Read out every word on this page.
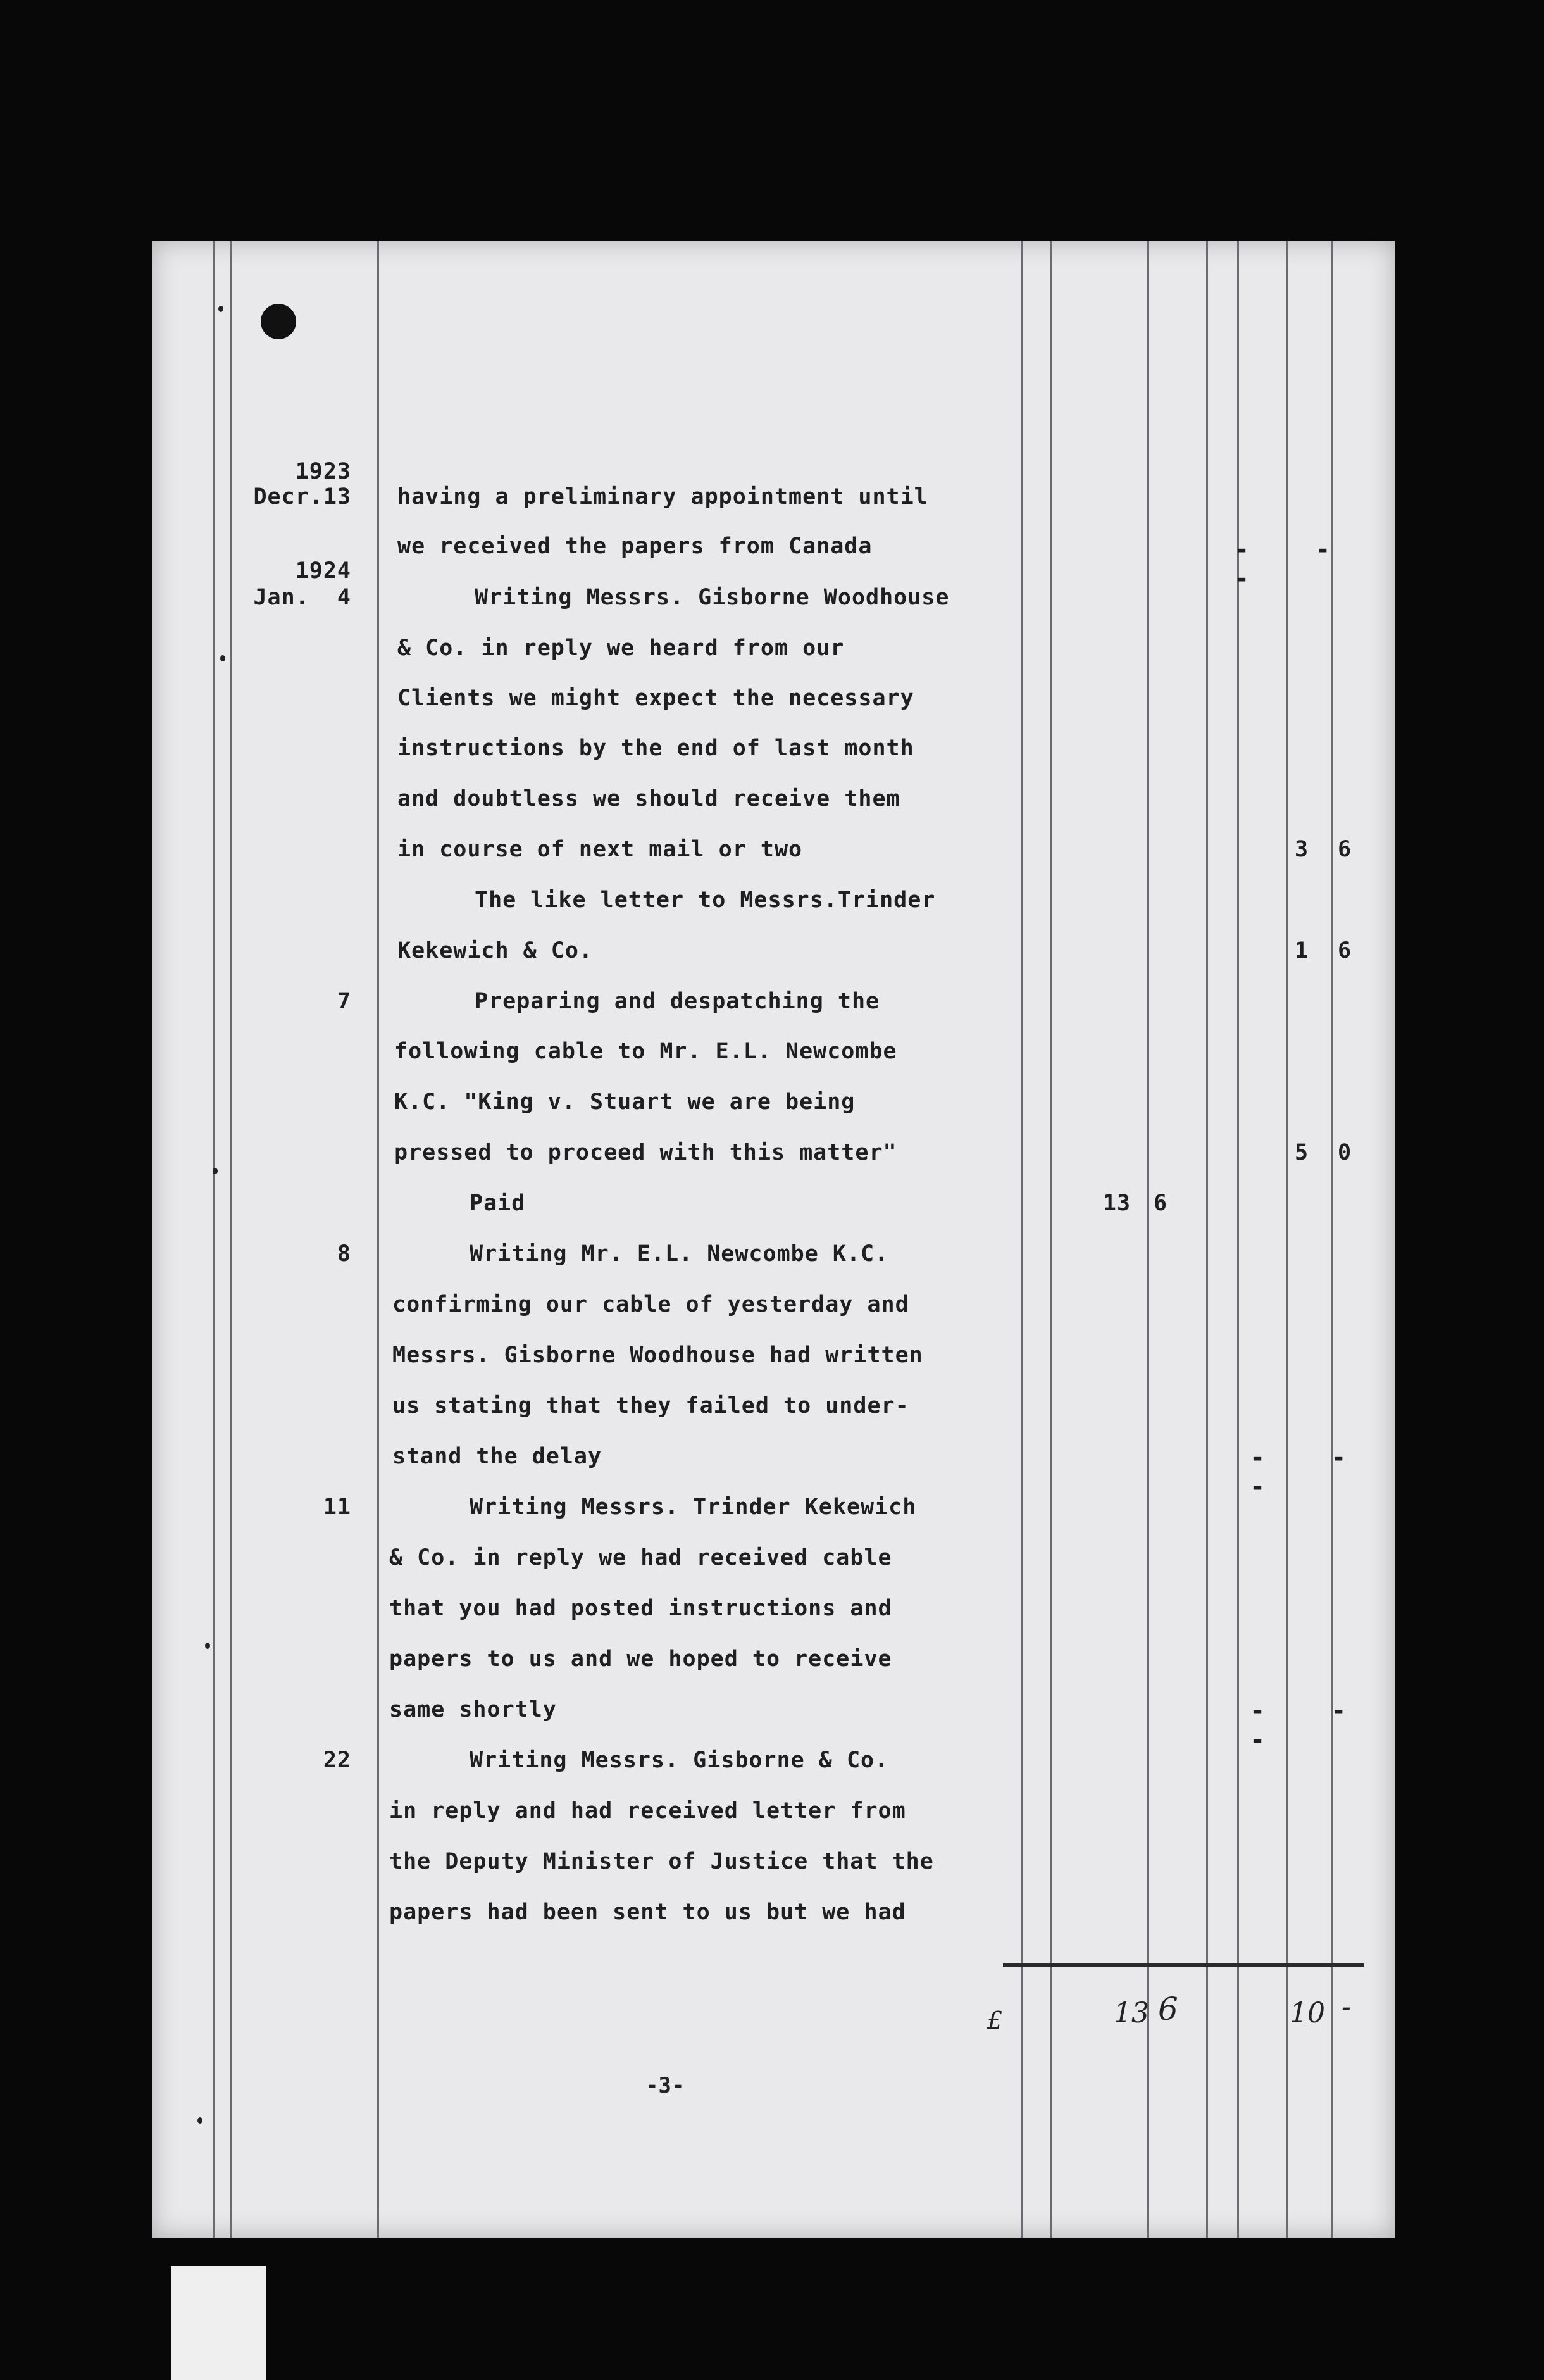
1923
Decr.13 having a preliminary appointment until
we received the papers from Canada	- - -
1924
Jan.  4	Writing Messrs. Gisborne Woodhouse
& Co. in reply we heard from our
Clients we might expect the necessary
instructions by the end of last month
and doubtless we should receive them
in course of next mail or two	3 6
The like letter to Messrs.Trinder
Kekewich & Co.	1 6
7	Preparing and despatching the
following cable to Mr. E.L. Newcombe
K.C. "King v. Stuart we are being
pressed to proceed with this matter"	5 0
Paid	13 6
8	Writing Mr. E.L. Newcombe K.C.
confirming our cable of yesterday and
Messrs. Gisborne Woodhouse had written
us stating that they failed to under-
stand the delay	- - -
11	Writing Messrs. Trinder Kekewich
& Co. in reply we had received cable
that you had posted instructions and
papers to us and we hoped to receive
same shortly	- - -
22	Writing Messrs. Gisborne & Co.
in reply and had received letter from
the Deputy Minister of Justice that the
papers had been sent to us but we had
£	13 6	10 -
-3-
